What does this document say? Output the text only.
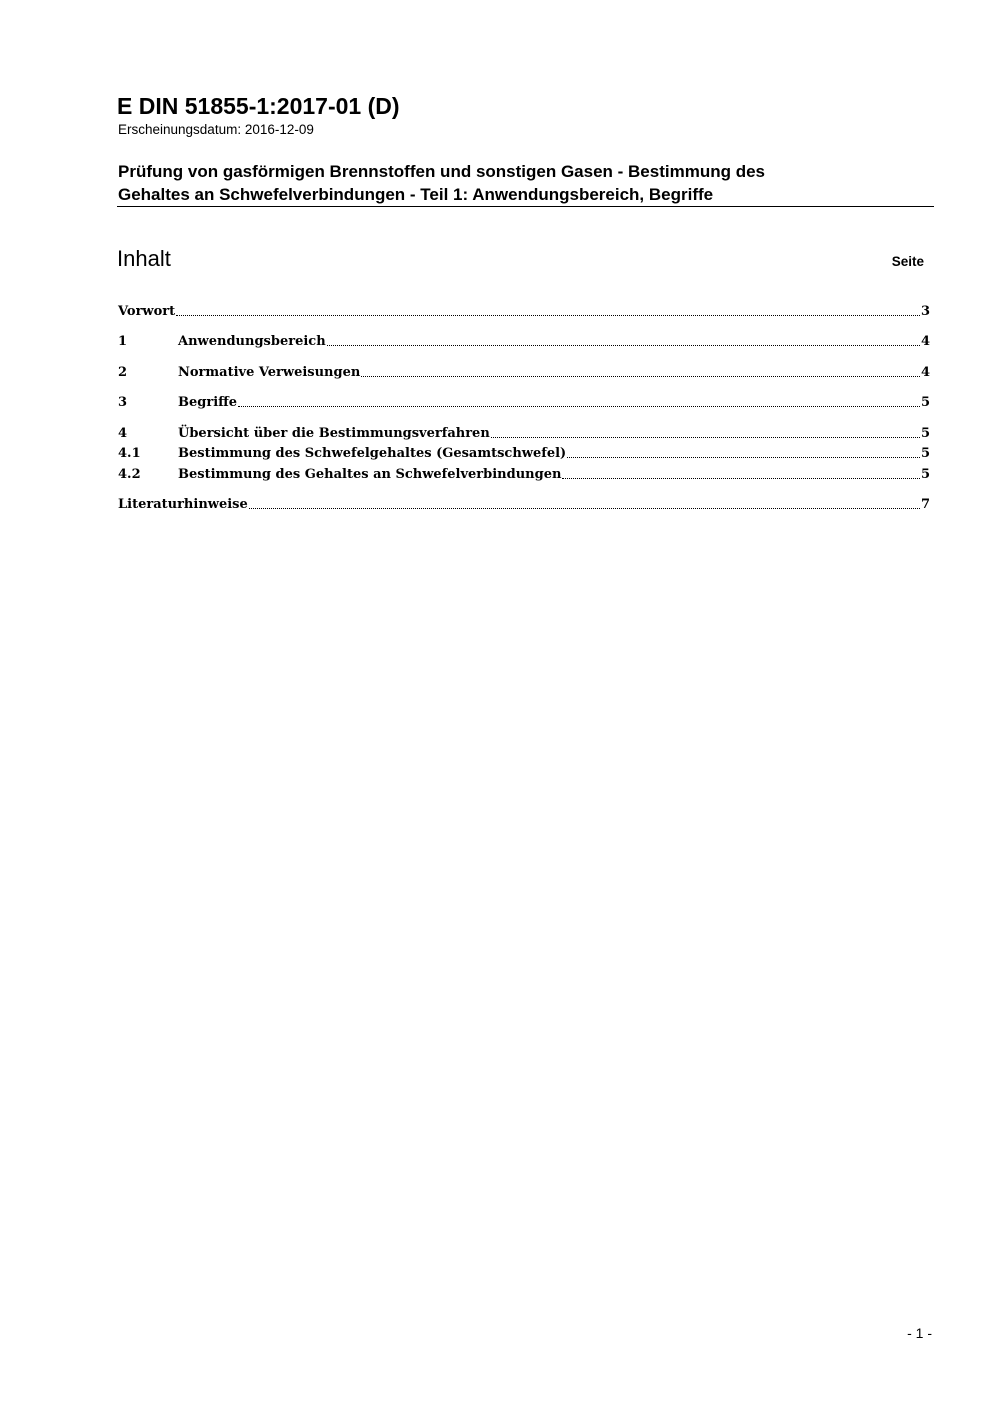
E DIN 51855-1:2017-01 (D)
Erscheinungsdatum: 2016-12-09
Prüfung von gasförmigen Brennstoffen und sonstigen Gasen - Bestimmung des
Gehaltes an Schwefelverbindungen - Teil 1: Anwendungsbereich, Begriffe
Inhalt	Seite
Vorwort	3
1	Anwendungsbereich	4
2	Normative Verweisungen	4
3	Begriffe	5
4	Übersicht über die Bestimmungsverfahren	5
4.1	Bestimmung des Schwefelgehaltes (Gesamtschwefel)	5
4.2	Bestimmung des Gehaltes an Schwefelverbindungen	5
Literaturhinweise	7
- 1 -
